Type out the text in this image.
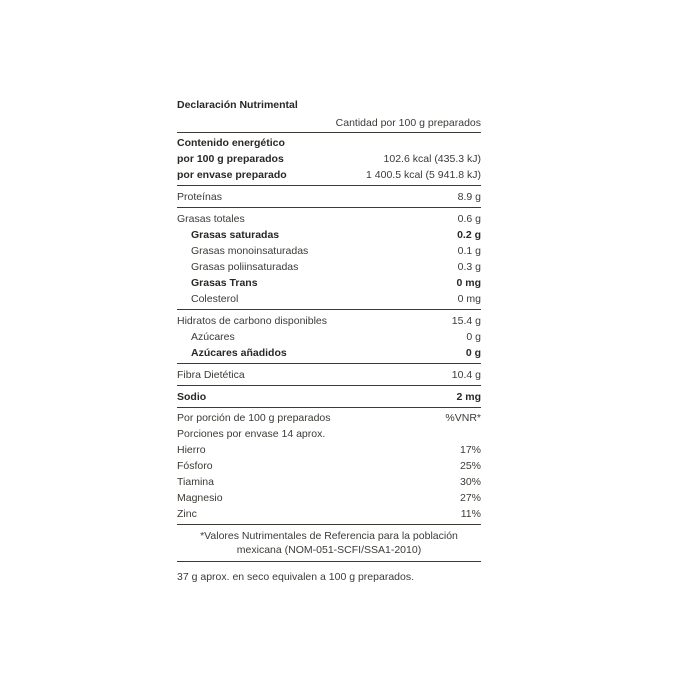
Declaración Nutrimental
Cantidad por 100 g preparados
Contenido energético
por 100 g preparados	102.6 kcal (435.3 kJ)
por envase preparado	1 400.5 kcal (5 941.8 kJ)
Proteínas	8.9 g
Grasas totales	0.6 g
Grasas saturadas	0.2 g
Grasas monoinsaturadas	0.1 g
Grasas poliinsaturadas	0.3 g
Grasas Trans	0 mg
Colesterol	0 mg
Hidratos de carbono disponibles	15.4 g
Azúcares	0 g
Azúcares añadidos	0 g
Fibra Dietética	10.4 g
Sodio	2 mg
Por porción de 100 g preparados	%VNR*
Porciones por envase 14 aprox.
Hierro	17%
Fósforo	25%
Tiamina	30%
Magnesio	27%
Zinc	11%
*Valores Nutrimentales de Referencia para la población
mexicana (NOM-051-SCFI/SSA1-2010)
37 g aprox. en seco equivalen a 100 g preparados.
